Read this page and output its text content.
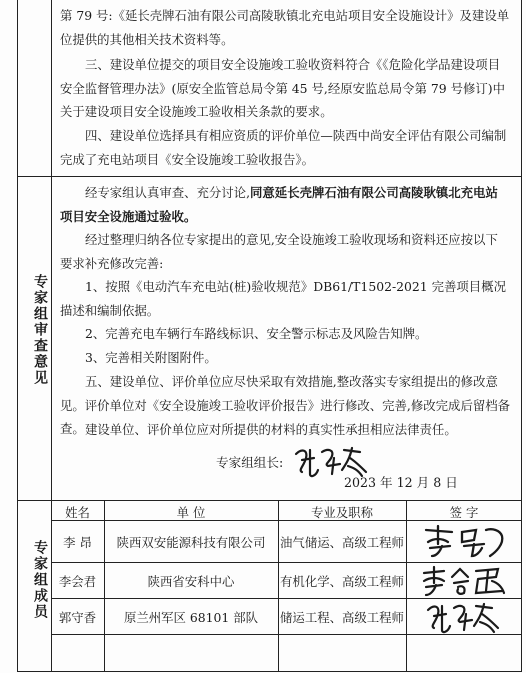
第 79 号:《延长壳牌石油有限公司高陵耿镇北充电站项目安全设施设计》及建设单位提供的其他相关技术资料等。
三、建设单位提交的项目安全设施竣工验收资料符合《《危险化学品建设项目安全监督管理办法》(原安全监管总局令第 45 号,经原安监总局令第 79 号修订)中关于建设项目安全设施竣工验收相关条款的要求。
四、建设单位选择具有相应资质的评价单位—陕西中尚安全评估有限公司编制完成了充电站项目《安全设施竣工验收报告》。
专家组审查意见
经专家组认真审查、充分讨论,同意延长壳牌石油有限公司高陵耿镇北充电站项目安全设施通过验收。
经过整理归纳各位专家提出的意见,安全设施竣工验收现场和资料还应按以下要求补充修改完善:
1、按照《电动汽车充电站(桩)验收规范》DB61/T1502-2021 完善项目概况描述和编制依据。
2、完善充电车辆行车路线标识、安全警示标志及风险告知牌。
3、完善相关附图附件。
五、建设单位、评价单位应尽快采取有效措施,整改落实专家组提出的修改意见。评价单位对《安全设施竣工验收评价报告》进行修改、完善,修改完成后留档备查。 建设单位、评价单位应对所提供的材料的真实性承担相应法律责任。
专家组组长:
2023 年 12 月 8 日
专家组成员
姓名	单 位	专业及职称	签 字
李 昂	陕西双安能源科技有限公司	油气储运、高级工程师
李会君	陕西省安科中心	有机化学、高级工程师
郭守香	原兰州军区 68101 部队	储运工程、高级工程师
